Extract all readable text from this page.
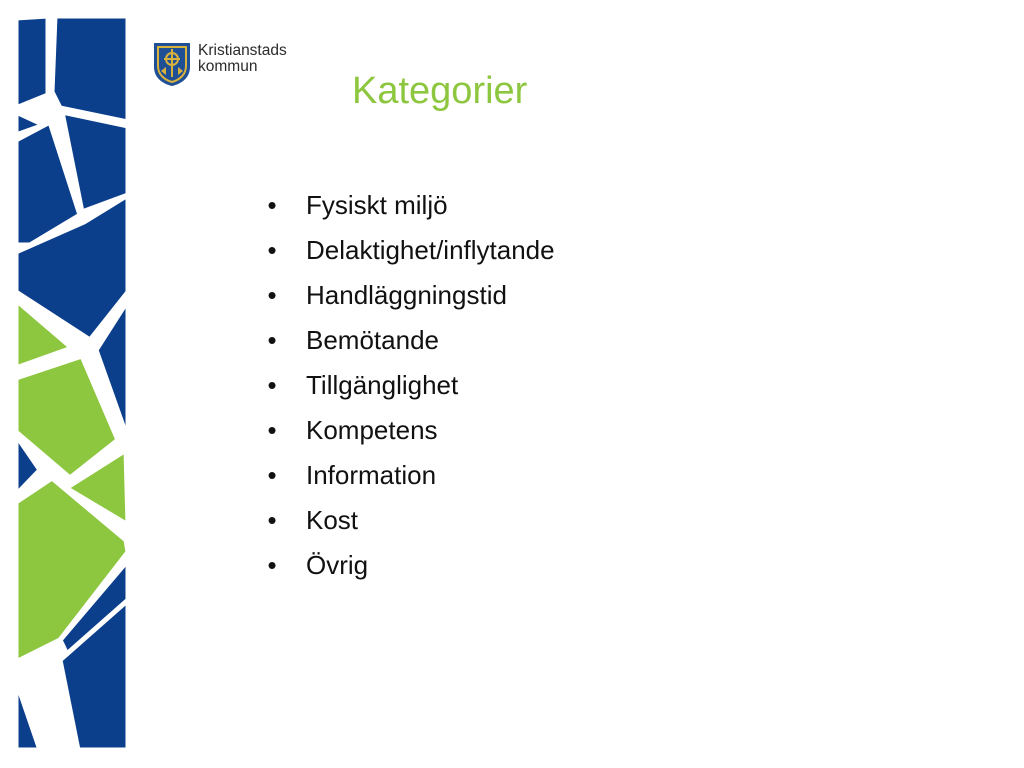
Kristianstads
kommun
Kategorier
• Fysiskt miljö
• Delaktighet/inflytande
• Handläggningstid
• Bemötande
• Tillgänglighet
• Kompetens
• Information
• Kost
• Övrig
